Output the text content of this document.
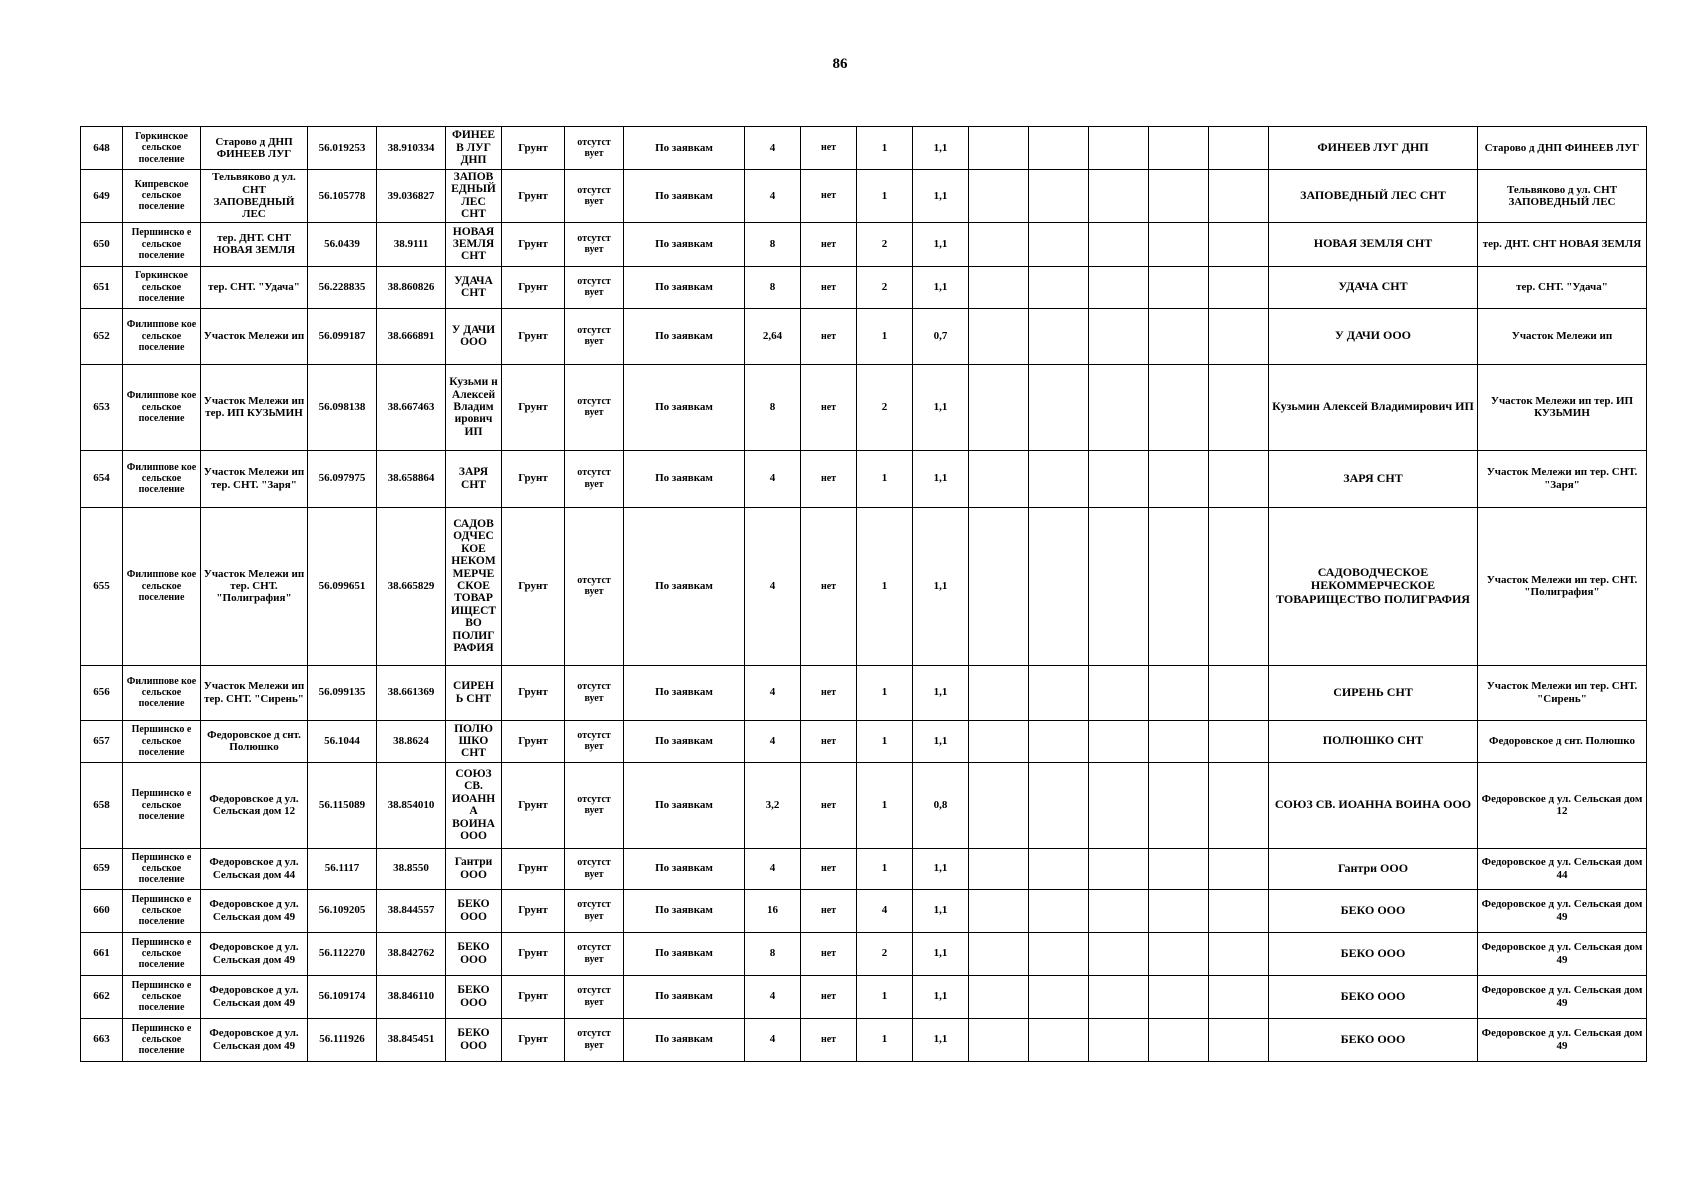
86
648	Горкинское сельское поселение	Старово д ДНП ФИНЕЕВ ЛУГ	56.019253	38.910334	ФИНЕЕ В ЛУГ ДНП	Грунт	отсутст вует	По заявкам	4	нет	1	1,1						ФИНЕЕВ ЛУГ ДНП	Старово д ДНП ФИНЕЕВ ЛУГ
649	Кипревское сельское поселение	Тельвяково д ул. СНТ ЗАПОВЕДНЫЙ ЛЕС	56.105778	39.036827	ЗАПОВ ЕДНЫЙ ЛЕС СНТ	Грунт	отсутст вует	По заявкам	4	нет	1	1,1						ЗАПОВЕДНЫЙ ЛЕС СНТ	Тельвяково д ул. СНТ ЗАПОВЕДНЫЙ ЛЕС
650	Першинско е сельское поселение	тер. ДНТ. СНТ НОВАЯ ЗЕМЛЯ	56.0439	38.9111	НОВАЯ ЗЕМЛЯ СНТ	Грунт	отсутст вует	По заявкам	8	нет	2	1,1						НОВАЯ ЗЕМЛЯ СНТ	тер. ДНТ. СНТ НОВАЯ ЗЕМЛЯ
651	Горкинское сельское поселение	тер. СНТ. "Удача"	56.228835	38.860826	УДАЧА СНТ	Грунт	отсутст вует	По заявкам	8	нет	2	1,1						УДАЧА СНТ	тер. СНТ. "Удача"
652	Филиппове кое сельское поселение	Участок Мележи ип	56.099187	38.666891	У ДАЧИ ООО	Грунт	отсутст вует	По заявкам	2,64	нет	1	0,7						У ДАЧИ ООО	Участок Мележи ип
653	Филиппове кое сельское поселение	Участок Мележи ип тер. ИП КУЗЬМИН	56.098138	38.667463	Кузьми н Алексей Владим ирович ИП	Грунт	отсутст вует	По заявкам	8	нет	2	1,1						Кузьмин Алексей Владимирович ИП	Участок Мележи ип тер. ИП КУЗЬМИН
654	Филиппове кое сельское поселение	Участок Мележи ип тер. СНТ. "Заря"	56.097975	38.658864	ЗАРЯ СНТ	Грунт	отсутст вует	По заявкам	4	нет	1	1,1						ЗАРЯ СНТ	Участок Мележи ип тер. СНТ. "Заря"
655	Филиппове кое сельское поселение	Участок Мележи ип тер. СНТ. "Полиграфия"	56.099651	38.665829	САДОВ ОДЧЕС КОЕ НЕКОМ МЕРЧЕ СКОЕ ТОВАР ИЩЕСТ ВО ПОЛИГ РАФИЯ	Грунт	отсутст вует	По заявкам	4	нет	1	1,1						САДОВОДЧЕСКОЕ НЕКОММЕРЧЕСКОЕ ТОВАРИЩЕСТВО ПОЛИГРАФИЯ	Участок Мележи ип тер. СНТ. "Полиграфия"
656	Филиппове кое сельское поселение	Участок Мележи ип тер. СНТ. "Сирень"	56.099135	38.661369	СИРЕН Ь СНТ	Грунт	отсутст вует	По заявкам	4	нет	1	1,1						СИРЕНЬ СНТ	Участок Мележи ип тер. СНТ. "Сирень"
657	Першинско е сельское поселение	Федоровское д снт. Полюшко	56.1044	38.8624	ПОЛЮ ШКО СНТ	Грунт	отсутст вует	По заявкам	4	нет	1	1,1						ПОЛЮШКО СНТ	Федоровское д снт. Полюшко
658	Першинско е сельское поселение	Федоровское д ул. Сельская дом 12	56.115089	38.854010	СОЮЗ СВ. ИОАНН А ВОИНА ООО	Грунт	отсутст вует	По заявкам	3,2	нет	1	0,8						СОЮЗ СВ. ИОАННА ВОИНА ООО	Федоровское д ул. Сельская дом 12
659	Першинско е сельское поселение	Федоровское д ул. Сельская дом 44	56.1117	38.8550	Гантри ООО	Грунт	отсутст вует	По заявкам	4	нет	1	1,1						Гантри ООО	Федоровское д ул. Сельская дом 44
660	Першинско е сельское поселение	Федоровское д ул. Сельская дом 49	56.109205	38.844557	БЕКО ООО	Грунт	отсутст вует	По заявкам	16	нет	4	1,1						БЕКО ООО	Федоровское д ул. Сельская дом 49
661	Першинско е сельское поселение	Федоровское д ул. Сельская дом 49	56.112270	38.842762	БЕКО ООО	Грунт	отсутст вует	По заявкам	8	нет	2	1,1						БЕКО ООО	Федоровское д ул. Сельская дом 49
662	Першинско е сельское поселение	Федоровское д ул. Сельская дом 49	56.109174	38.846110	БЕКО ООО	Грунт	отсутст вует	По заявкам	4	нет	1	1,1						БЕКО ООО	Федоровское д ул. Сельская дом 49
663	Першинско е сельское поселение	Федоровское д ул. Сельская дом 49	56.111926	38.845451	БЕКО ООО	Грунт	отсутст вует	По заявкам	4	нет	1	1,1						БЕКО ООО	Федоровское д ул. Сельская дом 49
